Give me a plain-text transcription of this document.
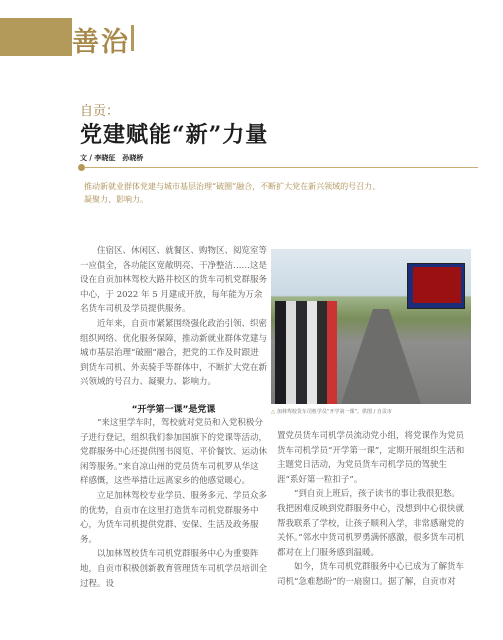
善治
自贡：
党建赋能“新”力量
文 / 李晓征　孙晓桥
推动新就业群体党建与城市基层治理“破圈”融合，不断扩大党在新兴领域的号召力、凝聚力、影响力。

住宿区、休闲区、就餐区、购物区、阅览室等一应俱全，各功能区宽敞明亮、干净整洁……这是设在自贡加林驾校大路井校区的货车司机党群服务中心，于 2022 年 5 月建成开放，每年能为万余名货车司机及学员提供服务。

近年来，自贡市紧紧围绕强化政治引领、织密组织网络、优化服务保障，推动新就业群体党建与城市基层治理“破圈”融合，把党的工作及时跟进到货车司机、外卖骑手等群体中，不断扩大党在新兴领域的号召力、凝聚力、影响力。

△ 加林驾校货车司机学员“开学第一课”。供图 / 自贡市
“开学第一课”是党课

“来这里学车时，驾校就对党员和入党积极分子进行登记，组织我们参加国旗下的党课等活动，党群服务中心还提供图书阅览、平价餐饮、运动休闲等服务。”来自凉山州的党员货车司机罗从华这样感慨，这些举措让远离家乡的他感觉暖心。

立足加林驾校专业学员、服务多元、学员众多的优势，自贡市在这里打造货车司机党群服务中心，为货车司机提供党群、安保、生活及政务服务。

以加林驾校货车司机党群服务中心为重要阵地，自贡市积极创新教育管理货车司机学员培训全过程。设

置党员货车司机学员流动党小组，将党课作为党员货车司机学员“开学第一课”，定期开展组织生活和主题党日活动，为党员货车司机学员的驾驶生涯“系好第一粒扣子”。

“到自贡上班后，孩子读书的事让我很犯愁。我把困难反映到党群服务中心，没想到中心很快就帮我联系了学校，让孩子顺利入学，非常感谢党的关怀。”邻水中货司机罗勇满怀感激，很多货车司机都对在上门服务感到温暖。

如今，货车司机党群服务中心已成为了解货车司机“急难愁盼”的一扇窗口。据了解，自贡市对
